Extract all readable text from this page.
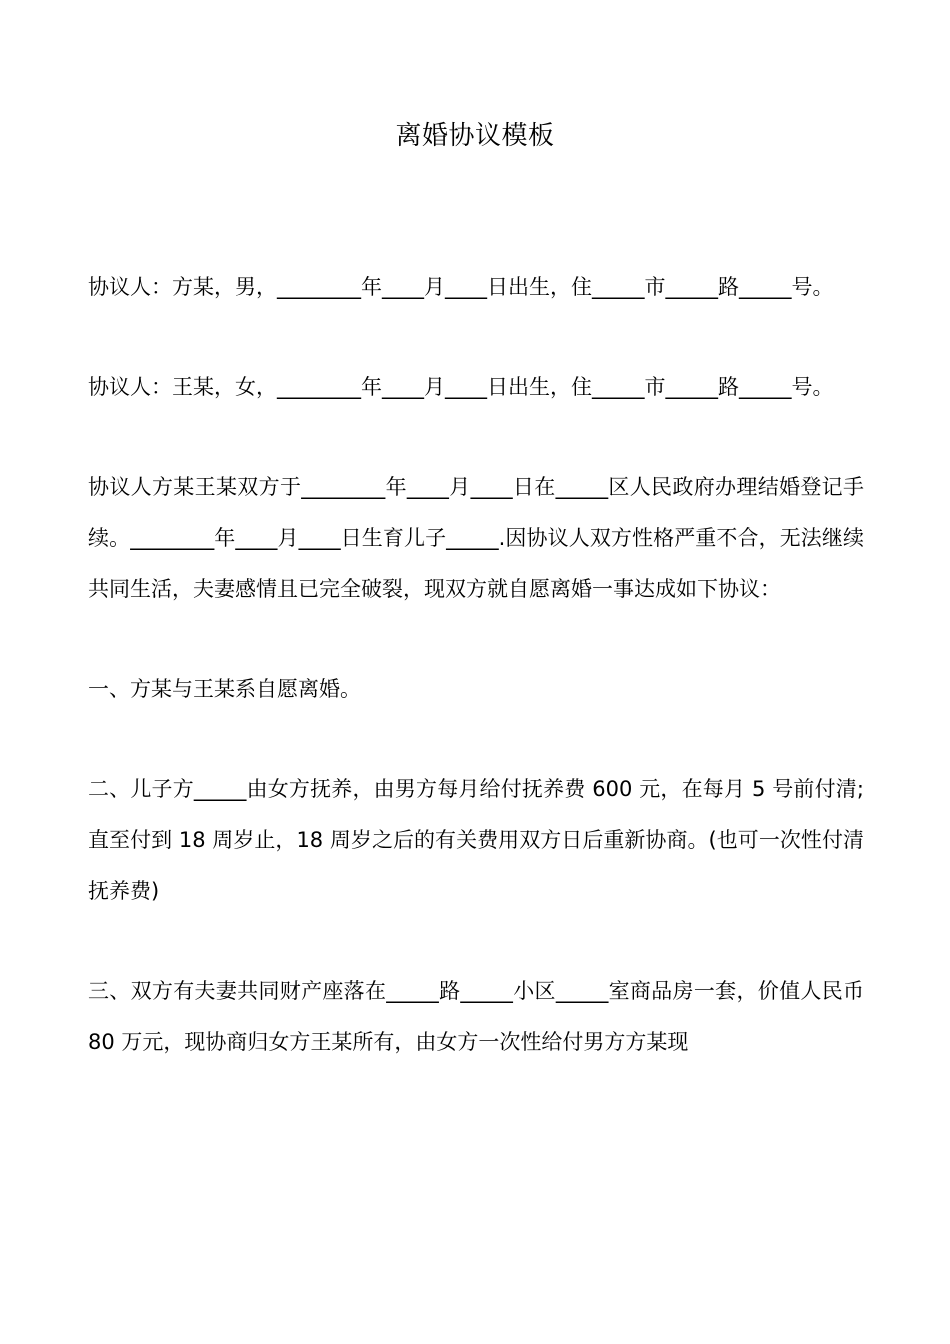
离婚协议模板

协议人：方某，男，________年____月____日出生，住_____市_____路_____号。

协议人：王某，女，________年____月____日出生，住_____市_____路_____号。

协议人方某王某双方于________年____月____日在_____区人民政府办理结婚登记手续。________年____月____日生育儿子_____.因协议人双方性格严重不合，无法继续共同生活，夫妻感情且已完全破裂，现双方就自愿离婚一事达成如下协议：

一、方某与王某系自愿离婚。

二、儿子方_____由女方抚养，由男方每月给付抚养费 600 元，在每月 5 号前付清;直至付到 18 周岁止，18 周岁之后的有关费用双方日后重新协商。(也可一次性付清抚养费)

三、双方有夫妻共同财产座落在_____路_____小区_____室商品房一套，价值人民币 80 万元，现协商归女方王某所有，由女方一次性给付男方方某现
